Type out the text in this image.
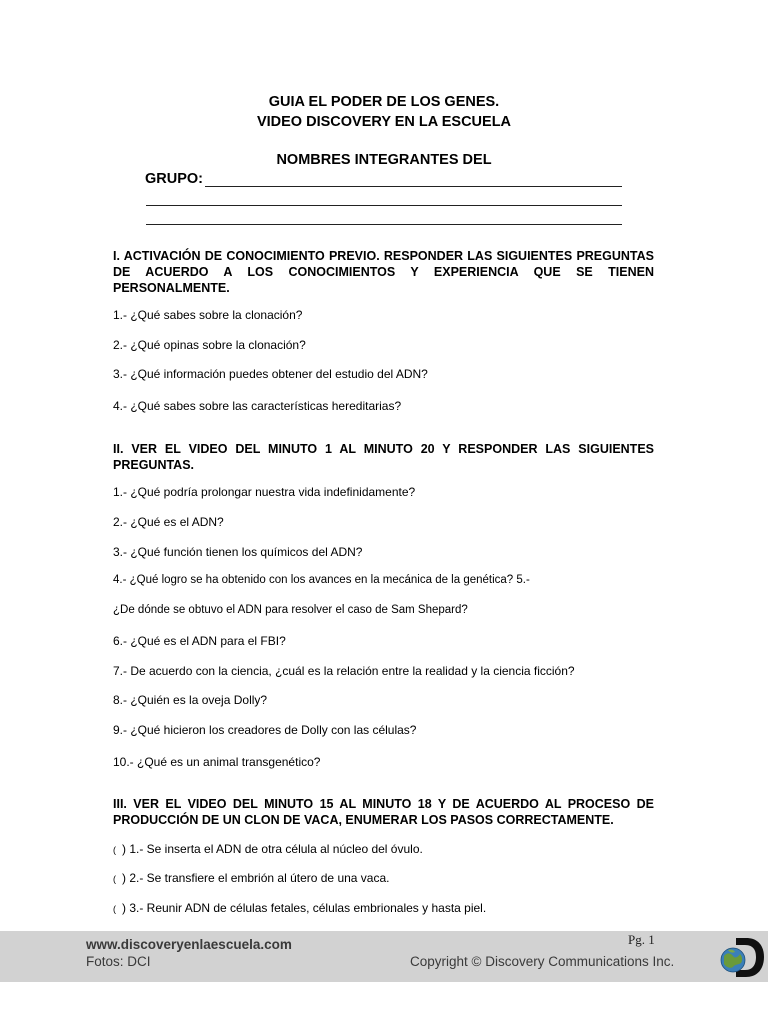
GUIA EL PODER DE LOS GENES.
VIDEO DISCOVERY EN LA ESCUELA
NOMBRES INTEGRANTES DEL
GRUPO:
I. ACTIVACIÓN DE CONOCIMIENTO PREVIO. RESPONDER LAS SIGUIENTES PREGUNTAS DE ACUERDO A LOS CONOCIMIENTOS Y EXPERIENCIA QUE SE TIENEN PERSONALMENTE.
1.- ¿Qué sabes sobre la clonación?
2.- ¿Qué opinas sobre la clonación?
3.- ¿Qué información puedes obtener del estudio del ADN?
4.- ¿Qué sabes sobre las características hereditarias?
II. VER EL VIDEO DEL MINUTO 1 AL MINUTO 20 Y RESPONDER LAS SIGUIENTES PREGUNTAS.
1.- ¿Qué podría prolongar nuestra vida indefinidamente?
2.- ¿Qué es el ADN?
3.- ¿Qué función tienen los químicos del ADN?
4.- ¿Qué logro se ha obtenido con los avances en la mecánica de la genética? 5.-
¿De dónde se obtuvo el ADN para resolver el caso de Sam Shepard?
6.- ¿Qué es el ADN para el FBI?
7.- De acuerdo con la ciencia, ¿cuál es la relación entre la realidad y la ciencia ficción?
8.- ¿Quién es la oveja Dolly?
9.- ¿Qué hicieron los creadores de Dolly con las células?
10.- ¿Qué es un animal transgenético?
III. VER EL VIDEO DEL MINUTO 15 AL MINUTO 18 Y DE ACUERDO AL PROCESO DE PRODUCCIÓN DE UN CLON DE VACA, ENUMERAR LOS PASOS CORRECTAMENTE.
( ) 1.- Se inserta el ADN de otra célula al núcleo del óvulo.
( ) 2.- Se transfiere el embrión al útero de una vaca.
( ) 3.- Reunir ADN de células fetales, células embrionales y hasta piel.
www.discoveryenlaescuela.com
Fotos: DCI
Pg. 1
Copyright © Discovery Communications Inc.
